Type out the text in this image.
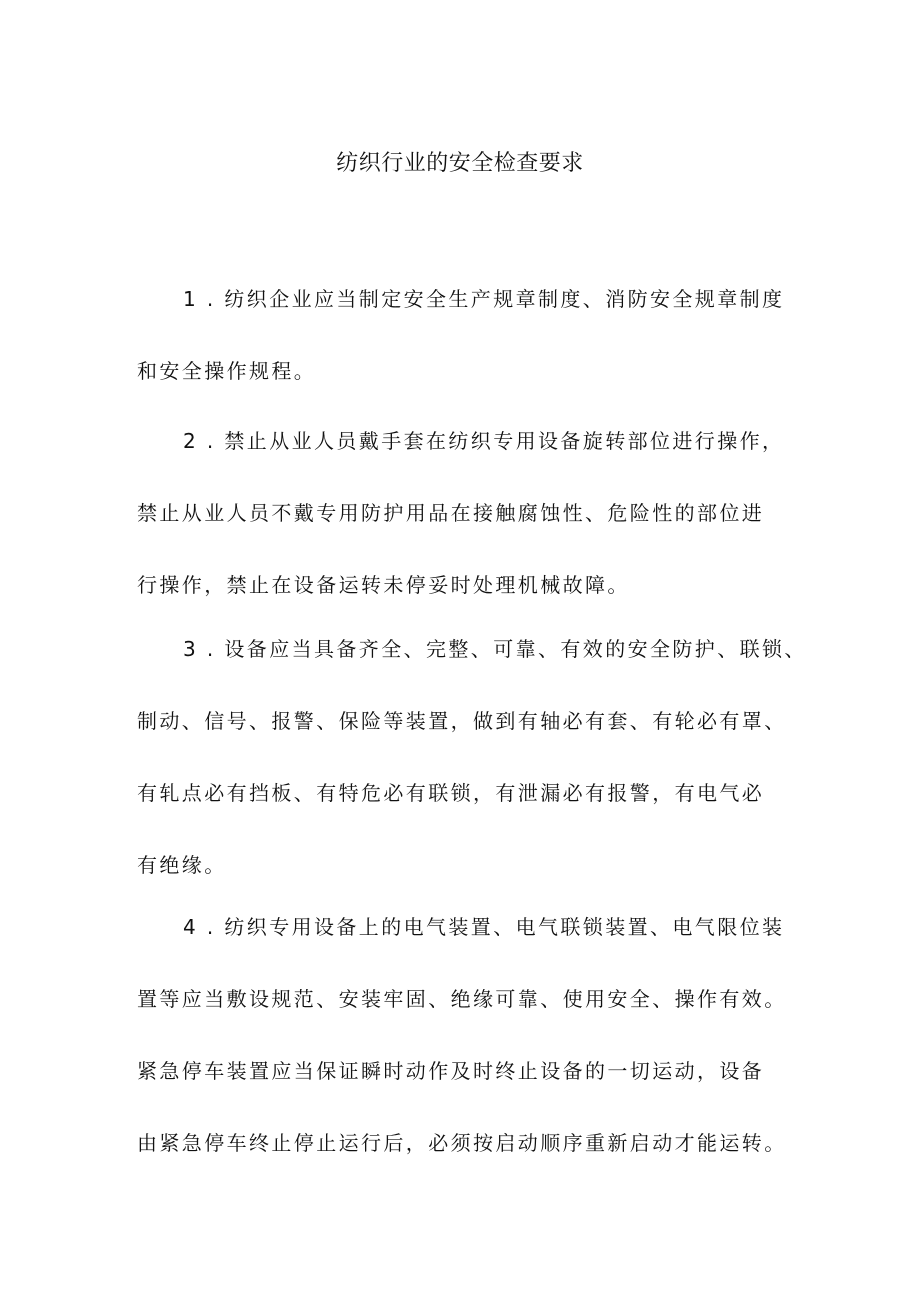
纺织行业的安全检查要求
1 . 纺织企业应当制定安全生产规章制度、消防安全规章制度
和安全操作规程。
2 . 禁止从业人员戴手套在纺织专用设备旋转部位进行操作，
禁止从业人员不戴专用防护用品在接触腐蚀性、危险性的部位进
行操作，禁止在设备运转未停妥时处理机械故障。
3 . 设备应当具备齐全、完整、可靠、有效的安全防护、联锁、
制动、信号、报警、保险等装置，做到有轴必有套、有轮必有罩、
有轧点必有挡板、有特危必有联锁，有泄漏必有报警，有电气必
有绝缘。
4 . 纺织专用设备上的电气装置、电气联锁装置、电气限位装
置等应当敷设规范、安装牢固、绝缘可靠、使用安全、操作有效。
紧急停车装置应当保证瞬时动作及时终止设备的一切运动，设备
由紧急停车终止停止运行后，必须按启动顺序重新启动才能运转。
